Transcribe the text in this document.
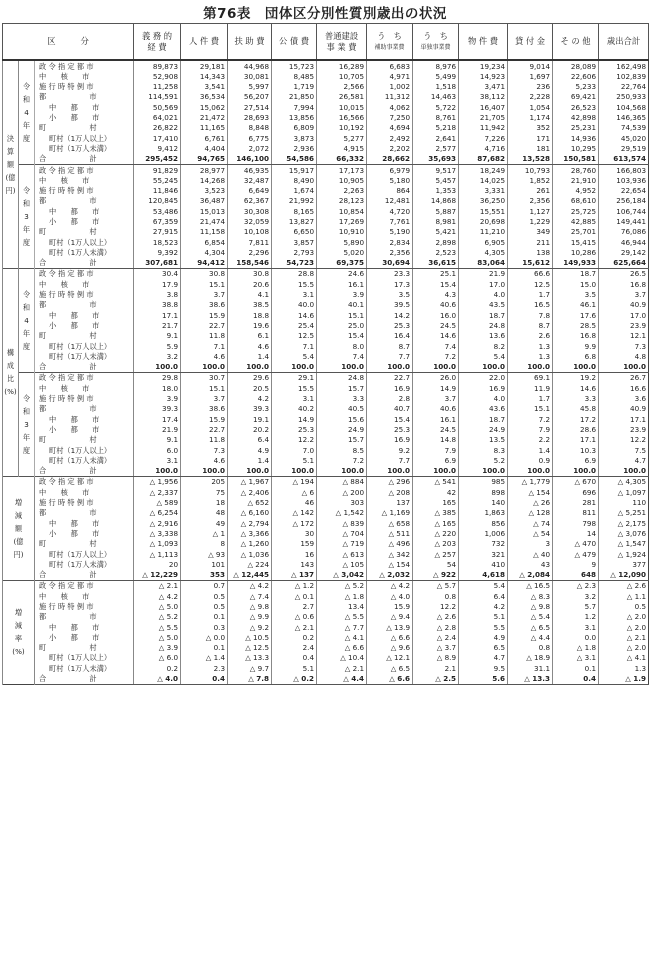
第76表　団体区分別性質別歳出の状況
区　　　分			義 務 的
経 費	人 件 費	扶 助 費	公 債 費	普通建設
事 業 費	う　ち
補助事業費	う　ち
単独事業費	物 件 費	貸 付 金	そ の 他	歳出合計

決
算
額
(億
円)	令
和
4
年
度	政 令 指 定 都 市	89,873	29,181	44,968	15,723	16,289	6,683	8,976	19,234	9,014	28,089	162,498
		中　　核　　市	52,908	14,343	30,081	8,485	10,705	4,971	5,499	14,923	1,697	22,606	102,839
		施 行 時 特 例 市	11,258	3,541	5,997	1,719	2,566	1,002	1,518	3,471	236	5,233	22,764
		都　　　　　　市	114,591	36,534	56,207	21,850	26,581	11,312	14,463	38,112	2,228	69,421	250,933
		中　　都　　市	50,569	15,062	27,514	7,994	10,015	4,062	5,722	16,407	1,054	26,523	104,568
		小　　都　　市	64,021	21,472	28,693	13,856	16,566	7,250	8,761	21,705	1,174	42,898	146,365
		町　　　　　　村	26,822	11,165	8,848	6,809	10,192	4,694	5,218	11,942	352	25,231	74,539
		町村（1万人以上）	17,410	6,761	6,775	3,873	5,277	2,492	2,641	7,226	171	14,936	45,020
		町村（1万人未満）	9,412	4,404	2,072	2,936	4,915	2,202	2,577	4,716	181	10,295	29,519
		合　　　　　　計	295,452	94,765	146,100	54,586	66,332	28,662	35,693	87,682	13,528	150,581	613,574

	令
和
3
年
度	政 令 指 定 都 市	91,829	28,977	46,935	15,917	17,173	6,979	9,517	18,249	10,793	28,760	166,803
		中　　核　　市	55,245	14,268	32,487	8,490	10,905	5,180	5,457	14,025	1,852	21,910	103,936
		施 行 時 特 例 市	11,846	3,523	6,649	1,674	2,263	864	1,353	3,331	261	4,952	22,654
		都　　　　　　市	120,845	36,487	62,367	21,992	28,123	12,481	14,868	36,250	2,356	68,610	256,184
		中　　都　　市	53,486	15,013	30,308	8,165	10,854	4,720	5,887	15,551	1,127	25,725	106,744
		小　　都　　市	67,359	21,474	32,059	13,827	17,269	7,761	8,981	20,698	1,229	42,885	149,441
		町　　　　　　村	27,915	11,158	10,108	6,650	10,910	5,190	5,421	11,210	349	25,701	76,086
		町村（1万人以上）	18,523	6,854	7,811	3,857	5,890	2,834	2,898	6,905	211	15,415	46,944
		町村（1万人未満）	9,392	4,304	2,296	2,793	5,020	2,356	2,523	4,305	138	10,286	29,142
		合　　　　　　計	307,681	94,412	158,546	54,723	69,375	30,694	36,615	83,064	15,612	149,933	625,664

構
成
比
(%)	令
和
4
年
度	政 令 指 定 都 市	30.4	30.8	30.8	28.8	24.6	23.3	25.1	21.9	66.6	18.7	26.5
		中　　核　　市	17.9	15.1	20.6	15.5	16.1	17.3	15.4	17.0	12.5	15.0	16.8
		施 行 時 特 例 市	3.8	3.7	4.1	3.1	3.9	3.5	4.3	4.0	1.7	3.5	3.7
		都　　　　　　市	38.8	38.6	38.5	40.0	40.1	39.5	40.6	43.5	16.5	46.1	40.9
		中　　都　　市	17.1	15.9	18.8	14.6	15.1	14.2	16.0	18.7	7.8	17.6	17.0
		小　　都　　市	21.7	22.7	19.6	25.4	25.0	25.3	24.5	24.8	8.7	28.5	23.9
		町　　　　　　村	9.1	11.8	6.1	12.5	15.4	16.4	14.6	13.6	2.6	16.8	12.1
		町村（1万人以上）	5.9	7.1	4.6	7.1	8.0	8.7	7.4	8.2	1.3	9.9	7.3
		町村（1万人未満）	3.2	4.6	1.4	5.4	7.4	7.7	7.2	5.4	1.3	6.8	4.8
		合　　　　　　計	100.0	100.0	100.0	100.0	100.0	100.0	100.0	100.0	100.0	100.0	100.0

	令
和
3
年
度	政 令 指 定 都 市	29.8	30.7	29.6	29.1	24.8	22.7	26.0	22.0	69.1	19.2	26.7
		中　　核　　市	18.0	15.1	20.5	15.5	15.7	16.9	14.9	16.9	11.9	14.6	16.6
		施 行 時 特 例 市	3.9	3.7	4.2	3.1	3.3	2.8	3.7	4.0	1.7	3.3	3.6
		都　　　　　　市	39.3	38.6	39.3	40.2	40.5	40.7	40.6	43.6	15.1	45.8	40.9
		中　　都　　市	17.4	15.9	19.1	14.9	15.6	15.4	16.1	18.7	7.2	17.2	17.1
		小　　都　　市	21.9	22.7	20.2	25.3	24.9	25.3	24.5	24.9	7.9	28.6	23.9
		町　　　　　　村	9.1	11.8	6.4	12.2	15.7	16.9	14.8	13.5	2.2	17.1	12.2
		町村（1万人以上）	6.0	7.3	4.9	7.0	8.5	9.2	7.9	8.3	1.4	10.3	7.5
		町村（1万人未満）	3.1	4.6	1.4	5.1	7.2	7.7	6.9	5.2	0.9	6.9	4.7
		合　　　　　　計	100.0	100.0	100.0	100.0	100.0	100.0	100.0	100.0	100.0	100.0	100.0

増
減
額
(億
円)		政 令 指 定 都 市	△ 1,956	205	△ 1,967	△ 194	△ 884	△ 296	△ 541	985	△ 1,779	△ 670	△ 4,305
		中　　核　　市	△ 2,337	75	△ 2,406	△ 6	△ 200	△ 208	42	898	△ 154	696	△ 1,097
		施 行 時 特 例 市	△ 589	18	△ 652	46	303	137	165	140	△ 26	281	110
		都　　　　　　市	△ 6,254	48	△ 6,160	△ 142	△ 1,542	△ 1,169	△ 385	1,863	△ 128	811	△ 5,251
		中　　都　　市	△ 2,916	49	△ 2,794	△ 172	△ 839	△ 658	△ 165	856	△ 74	798	△ 2,175
		小　　都　　市	△ 3,338	△ 1	△ 3,366	30	△ 704	△ 511	△ 220	1,006	△ 54	14	△ 3,076
		町　　　　　　村	△ 1,093	8	△ 1,260	159	△ 719	△ 496	△ 203	732	3	△ 470	△ 1,547
		町村（1万人以上）	△ 1,113	△ 93	△ 1,036	16	△ 613	△ 342	△ 257	321	△ 40	△ 479	△ 1,924
		町村（1万人未満）	20	101	△ 224	143	△ 105	△ 154	54	410	43	9	377
		合　　　　　　計	△ 12,229	353	△ 12,445	△ 137	△ 3,042	△ 2,032	△ 922	4,618	△ 2,084	648	△ 12,090

増
減
率
(%)		政 令 指 定 都 市	△ 2.1	0.7	△ 4.2	△ 1.2	△ 5.2	△ 4.2	△ 5.7	5.4	△ 16.5	△ 2.3	△ 2.6
		中　　核　　市	△ 4.2	0.5	△ 7.4	△ 0.1	△ 1.8	△ 4.0	0.8	6.4	△ 8.3	3.2	△ 1.1
		施 行 時 特 例 市	△ 5.0	0.5	△ 9.8	2.7	13.4	15.9	12.2	4.2	△ 9.8	5.7	0.5
		都　　　　　　市	△ 5.2	0.1	△ 9.9	△ 0.6	△ 5.5	△ 9.4	△ 2.6	5.1	△ 5.4	1.2	△ 2.0
		中　　都　　市	△ 5.5	0.3	△ 9.2	△ 2.1	△ 7.7	△ 13.9	△ 2.8	5.5	△ 6.5	3.1	△ 2.0
		小　　都　　市	△ 5.0	△ 0.0	△ 10.5	0.2	△ 4.1	△ 6.6	△ 2.4	4.9	△ 4.4	0.0	△ 2.1
		町　　　　　　村	△ 3.9	0.1	△ 12.5	2.4	△ 6.6	△ 9.6	△ 3.7	6.5	0.8	△ 1.8	△ 2.0
		町村（1万人以上）	△ 6.0	△ 1.4	△ 13.3	0.4	△ 10.4	△ 12.1	△ 8.9	4.7	△ 18.9	△ 3.1	△ 4.1
		町村（1万人未満）	0.2	2.3	△ 9.7	5.1	△ 2.1	△ 6.5	2.1	9.5	31.1	0.1	1.3
		合　　　　　　計	△ 4.0	0.4	△ 7.8	△ 0.2	△ 4.4	△ 6.6	△ 2.5	5.6	△ 13.3	0.4	△ 1.9
